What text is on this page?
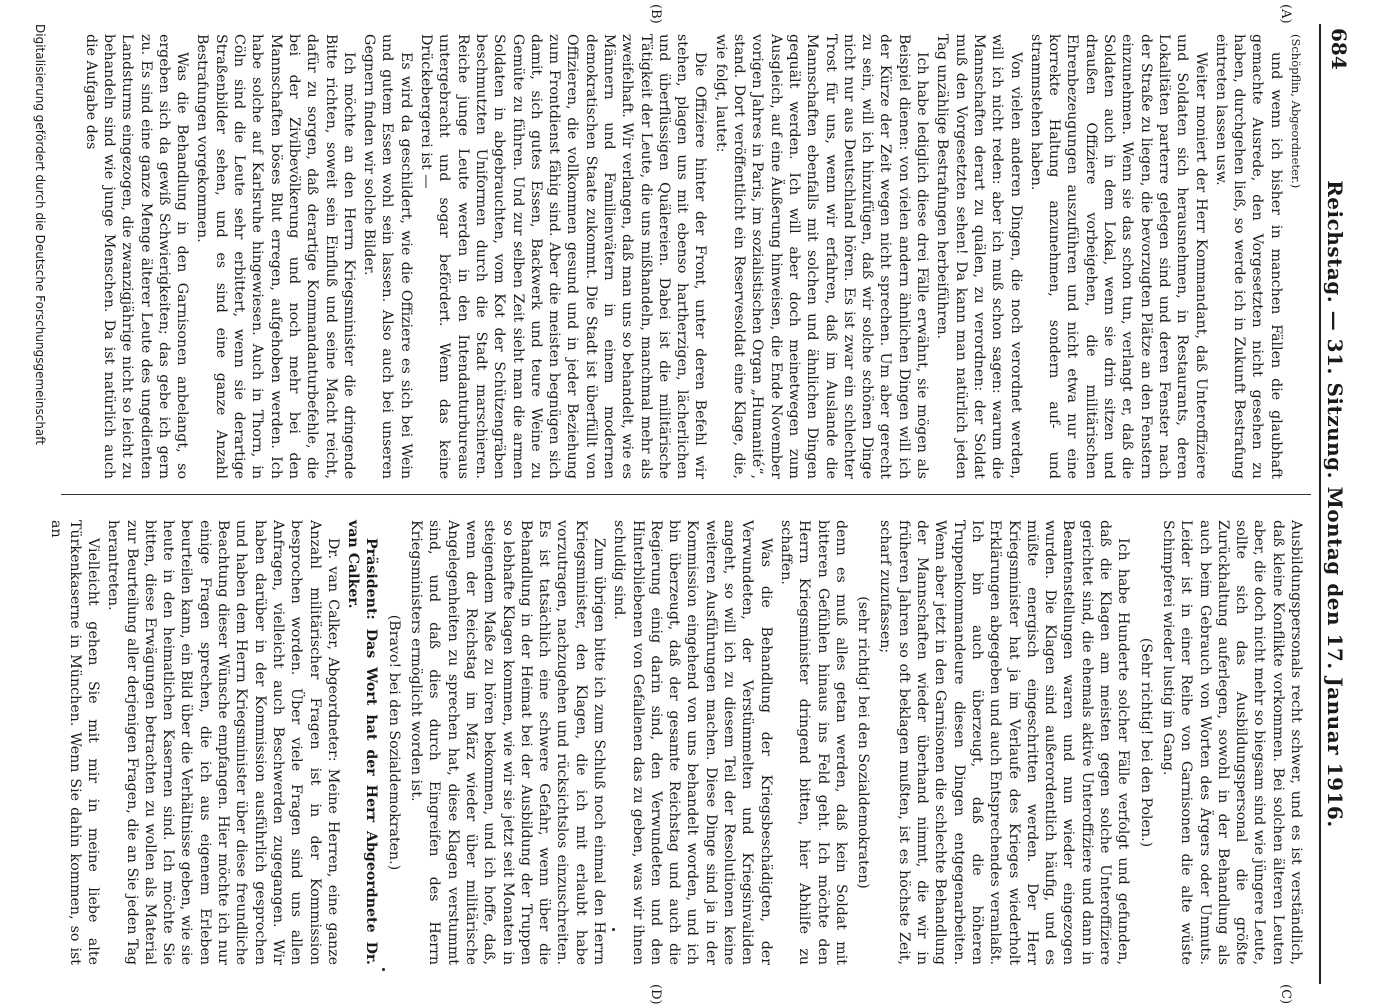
684
Reichstag. — 31. Sitzung. Montag den 17. Januar 1916.
(A)
(B)
(C)
(D)

(Schöpflin, Abgeordneter.)

und wenn ich bisher in manchen Fällen die glaubhaft gemachte Ausrede, den Vorgesetzten nicht gesehen zu haben, durchgehen ließ, so werde ich in Zukunft Bestrafung eintreten lassen usw.

Weiter moniert der Herr Kommandant, daß Unteroffiziere und Soldaten sich herausnehmen, in Restaurants, deren Lokalitäten parterre gelegen sind und deren Fenster nach der Straße zu liegen, die bevorzugten Plätze an den Fenstern einzunehmen. Wenn sie das schon tun, verlangt er, daß die Soldaten auch in dem Lokal, wenn sie drin sitzen und draußen Offiziere vorbeigehen, die militärischen Ehrenbezeugungen auszuführen und nicht etwa nur eine korrekte Haltung anzunehmen, sondern auf- und strammstehen haben.

Von vielen anderen Dingen, die noch verordnet werden, will ich nicht reden: aber ich muß schon sagen: warum die Mannschaften derart zu quälen, zu verordnen: der Soldat muß den Vorgesetzten sehen! Da kann man natürlich jeden Tag unzählige Bestrafungen herbeiführen.

Ich habe lediglich diese drei Fälle erwähnt, sie mögen als Beispiel dienen: von vielen andern ähnlichen Dingen will ich der Kürze der Zeit wegen nicht sprechen. Um aber gerecht zu sein, will ich hinzufügen, daß wir solche schönen Dinge nicht nur aus Deutschland hören. Es ist zwar ein schlechter Trost für uns, wenn wir erfahren, daß im Auslande die Mannschaften ebenfalls mit solchen und ähnlichen Dingen gequält werden. Ich will aber doch meinetwegen zum Ausgleich, auf eine Äußerung hinweisen, die Ende November vorigen Jahres in Paris, im sozialistischen Organ „Humanité“, stand. Dort veröffentlicht ein Reservesoldat eine Klage, die, wie folgt, lautet:

Die Offiziere hinter der Front, unter deren Befehl wir stehen, plagen uns mit ebenso hartherzigen, lächerlichen und überflüssigen Quälereien. Dabei ist die militärische Tätigkeit der Leute, die uns mißhandeln, manchmal mehr als zweifelhaft. Wir verlangen, daß man uns so behandelt, wie es Männern und Familienvätern in einem modernen demokratischen Staate zukommt. Die Stadt ist überfüllt von Offizieren, die vollkommen gesund und in jeder Beziehung zum Frontdienst fähig sind. Aber die meisten begnügen sich damit, sich gutes Essen, Backwerk und teure Weine zu Gemüte zu führen. Und zur selben Zeit sieht man die armen Soldaten in abgebrauchten, vom Kot der Schützengräben beschmutzten Uniformen durch die Stadt marschieren. Reiche junge Leute werden in den Intendanturbureaus untergebracht und sogar befördert. Wenn das keine Drückebergerei ist —

Es wird da geschildert, wie die Offiziere es sich bei Wein und gutem Essen wohl sein lassen. Also auch bei unseren Gegnern finden wir solche Bilder.

Ich möchte an den Herrn Kriegsminister die dringende Bitte richten, soweit sein Einfluß und seine Macht reicht, dafür zu sorgen, daß derartige Kommandanturbefehle, die bei der Zivilbevölkerung und noch mehr bei den Mannschaften böses Blut erregen, aufgehoben werden. Ich habe solche auf Karlsruhe hingewiesen. Auch in Thorn, in Cöln sind die Leute sehr erbittert, wenn sie derartige Straßenbilder sehen, und es sind eine ganze Anzahl Bestrafungen vorgekommen.

Was die Behandlung in den Garnisonen anbelangt, so ergeben sich da gewiß Schwierigkeiten; das gebe ich gern zu. Es sind eine ganze Menge älterer Leute des ungedienten Landsturms eingezogen, die zwanzigjährige nicht so leicht zu behandeln sind wie junge Menschen. Da ist natürlich auch die Aufgabe des

Ausbildungspersonals recht schwer, und es ist verständlich, daß kleine Konflikte vorkommen. Bei solchen älteren Leuten aber, die doch nicht mehr so biegsam sind wie jüngere Leute, sollte sich das Ausbildungspersonal die größte Zurückhaltung auferlegen, sowohl in der Behandlung als auch beim Gebrauch von Worten des Ärgers oder Unmuts. Leider ist in einer Reihe von Garnisonen die alte wüste Schimpferei wieder lustig im Gang.

(Sehr richtig! bei den Polen.)

Ich habe Hunderte solcher Fälle verfolgt und gefunden, daß die Klagen am meisten gegen solche Unteroffiziere gerichtet sind, die ehemals aktive Unteroffiziere und dann in Beamtenstellungen waren und nun wieder eingezogen wurden. Die Klagen sind außerordentlich häufig, und es müßte energisch eingeschritten werden. Der Herr Kriegsminister hat ja im Verlaufe des Krieges wiederholt Erklärungen abgegeben und auch Entsprechendes veranlaßt. Ich bin auch überzeugt, daß die höheren Truppenkommandeure diesen Dingen entgegenarbeiten. Wenn aber jetzt in den Garnisonen die schlechte Behandlung der Mannschaften wieder überhand nimmt, die wir in früheren Jahren so oft beklagen mußten, ist es höchste Zeit, scharf zuzufassen;

(sehr richtig! bei den Sozialdemokraten)

denn es muß alles getan werden, daß kein Soldat mit bitteren Gefühlen hinaus ins Feld geht. Ich möchte den Herrn Kriegsminister dringend bitten, hier Abhilfe zu schaffen.

Was die Behandlung der Kriegsbeschädigten, der Verwundeten, der Verstümmelten und Kriegsinvaliden angeht, so will ich zu diesem Teil der Resolutionen keine weiteren Ausführungen machen. Diese Dinge sind ja in der Kommission eingehend von uns behandelt worden, und ich bin überzeugt, daß der gesamte Reichstag und auch die Regierung einig darin sind, den Verwundeten und den Hinterbliebenen von Gefallenen das zu geben, was wir ihnen schuldig sind.

Zum übrigen bitte ich zum Schluß noch einmal den Herrn Kriegsminister, den Klagen, die ich mit erlaubt habe vorzutragen, nachzugehen und rücksichtslos einzuschreiten. Es ist tatsächlich eine schwere Gefahr, wenn über die Behandlung in der Heimat bei der Ausbildung der Truppen so lebhafte Klagen kommen, wie wir sie jetzt seit Monaten in steigendem Maße zu hören bekommen, und ich hoffe, daß, wenn der Reichstag im März wieder über militärische Angelegenheiten zu sprechen hat, diese Klagen verstummt sind, und daß dies durch Eingreifen des Herrn Kriegsministers ermöglicht worden ist.

(Bravo! bei den Sozialdemokraten.)

Präsident: Das Wort hat der Herr Abgeordnete Dr. van Calker.

Dr. van Calker, Abgeordneter: Meine Herren, eine ganze Anzahl militärischer Fragen ist in der Kommission besprochen worden. Über viele Fragen sind uns allen Anfragen, vielleicht auch Beschwerden zugegangen. Wir haben darüber in der Kommission ausführlich gesprochen und haben dem Herrn Kriegsminister über diese freundliche Beachtung dieser Wünsche empfangen. Hier möchte ich nur einige Fragen sprechen, die ich aus eigenem Erleben beurteilen kann, ein Bild über die Verhältnisse geben, wie sie heute in den heimatlichen Kasernen sind. Ich möchte Sie bitten, diese Erwägungen betrachten zu wollen als Material zur Beurteilung aller derjenigen Fragen, die an Sie jeden Tag herantreten.

Vielleicht gehen Sie mit mir in meine liebe alte Türkenkaserne in München. Wenn Sie dahin kommen, so ist an

Digitalisierung gefördert durch die Deutsche Forschungsgemeinschaft
